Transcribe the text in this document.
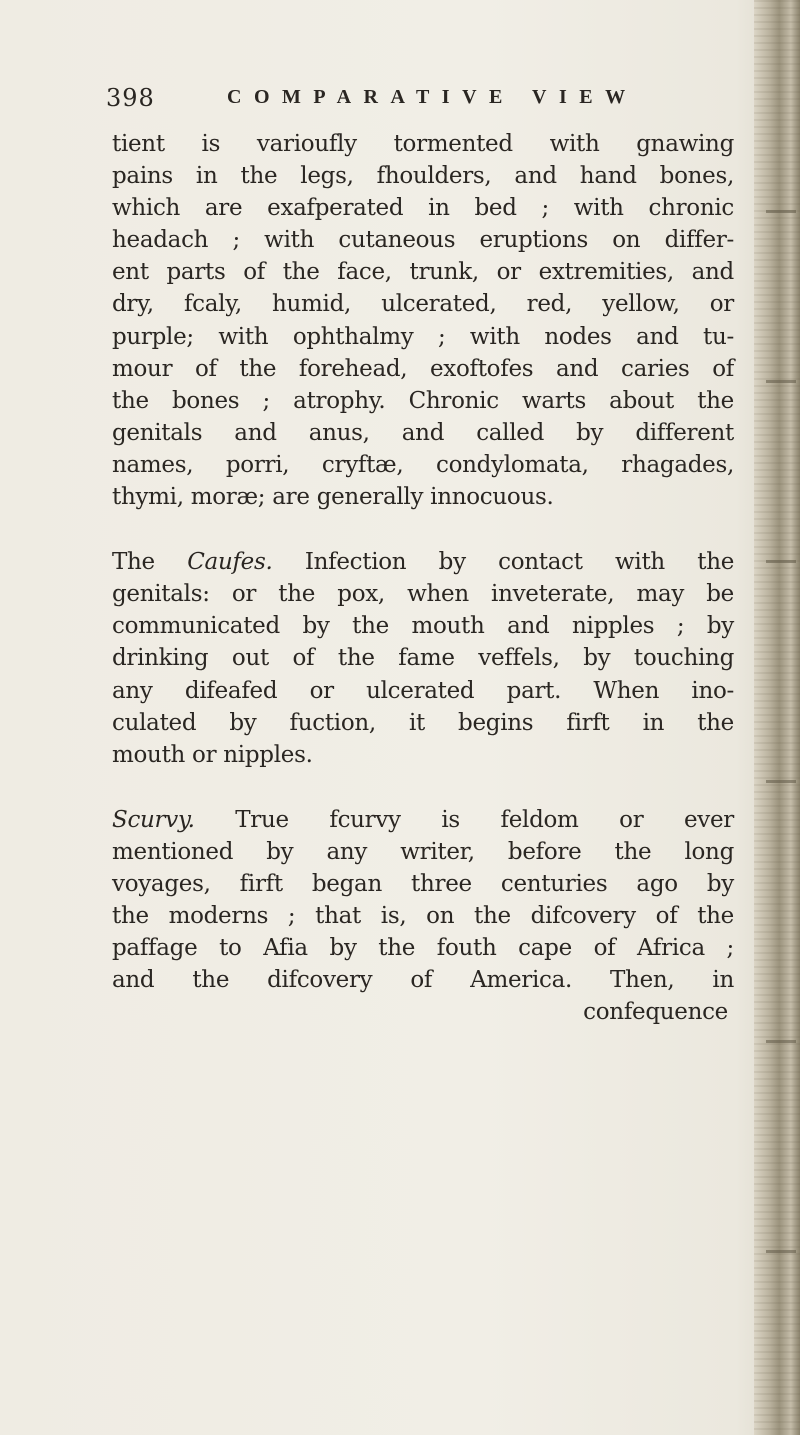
398	COMPARATIVE VIEW
tient is varioufly tormented with gnawing
pains in the legs, fhoulders, and hand bones,
which are exafperated in bed ; with chronic
headach ; with cutaneous eruptions on differ-
ent parts of the face, trunk, or extremities, and
dry, fcaly, humid, ulcerated, red, yellow, or
purple; with ophthalmy ; with nodes and tu-
mour of the forehead, exoftofes and caries of
the bones ; atrophy. Chronic warts about the
genitals and anus, and called by different
names, porri, cryftæ, condylomata, rhagades,
thymi, moræ; are generally innocuous.
The Caufes. Infection by contact with the
genitals: or the pox, when inveterate, may be
communicated by the mouth and nipples ; by
drinking out of the fame veffels, by touching
any difeafed or ulcerated part. When ino-
culated by fuction, it begins firft in the
mouth or nipples.
Scurvy. True fcurvy is feldom or ever
mentioned by any writer, before the long
voyages, firft began three centuries ago by
the moderns ; that is, on the difcovery of the
paffage to Afia by the fouth cape of Africa ;
and the difcovery of America. Then, in
confequence
